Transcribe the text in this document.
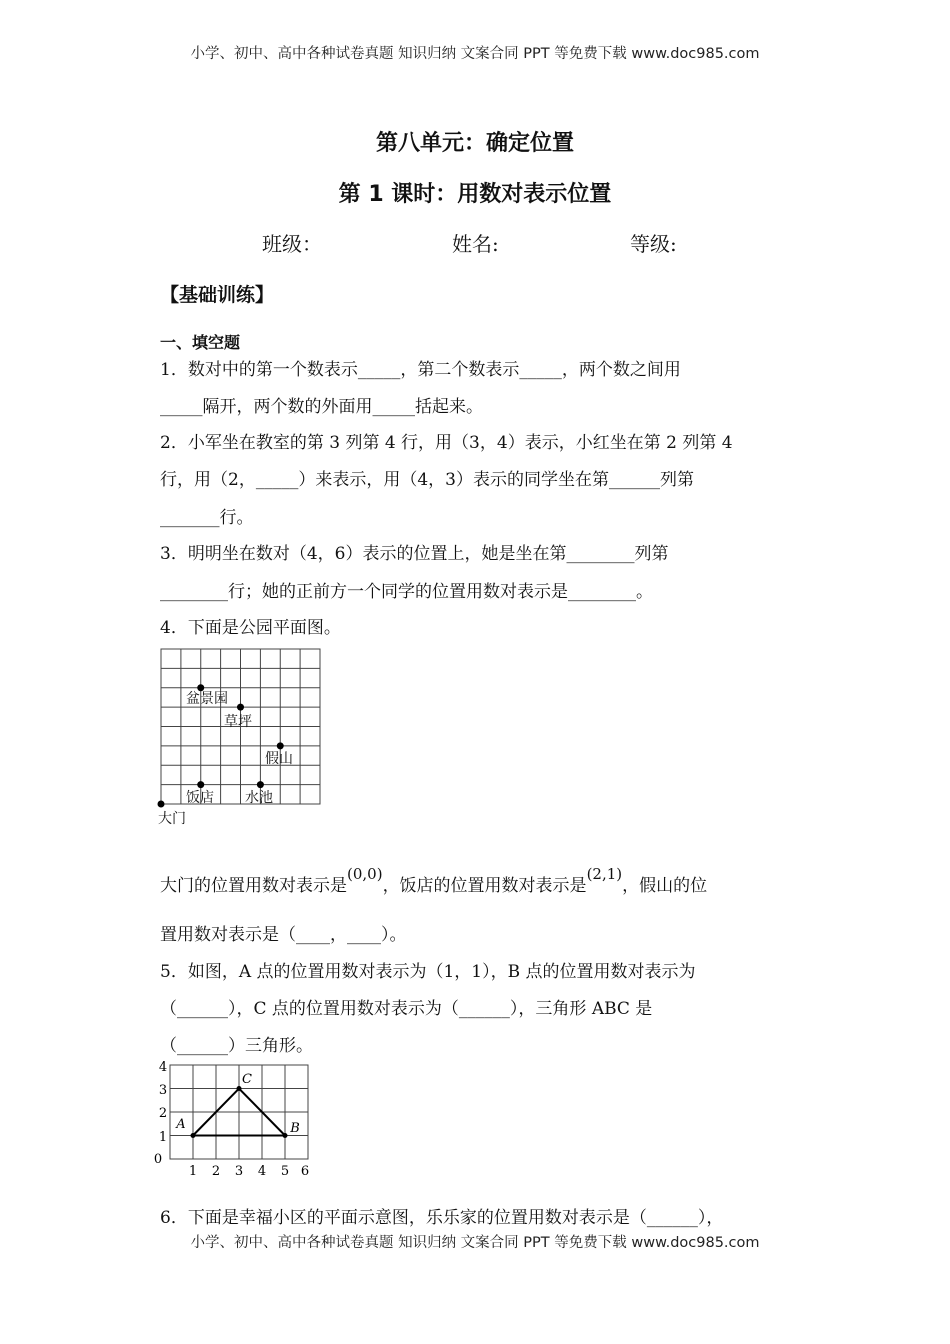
小学、初中、高中各种试卷真题 知识归纳 文案合同 PPT 等免费下载 www.doc985.com
第八单元：确定位置
第 1 课时：用数对表示位置
班级：	姓名:	等级:
【基础训练】
一、填空题
1．数对中的第一个数表示_____，第二个数表示_____，两个数之间用
_____隔开，两个数的外面用_____括起来。
2．小军坐在教室的第 3 列第 4 行，用（3，4）表示，小红坐在第 2 列第 4
行，用（2，_____）来表示，用（4，3）表示的同学坐在第______列第
_______行。
3．明明坐在数对（4，6）表示的位置上，她是坐在第________列第
________行；她的正前方一个同学的位置用数对表示是________。
4．下面是公园平面图。
盆景园
草坪
假山
饭店 水池
大门
大门的位置用数对表示是(0,0)，饭店的位置用数对表示是(2,1)，假山的位
置用数对表示是（____，____）。
5．如图，A 点的位置用数对表示为（1，1），B 点的位置用数对表示为
（______），C 点的位置用数对表示为（______），三角形 ABC 是
（______）三角形。
0
1
2
3
4
1 2 3 4 5 6
A
C
B
6．下面是幸福小区的平面示意图，乐乐家的位置用数对表示是（______），
小学、初中、高中各种试卷真题 知识归纳 文案合同 PPT 等免费下载 www.doc985.com
